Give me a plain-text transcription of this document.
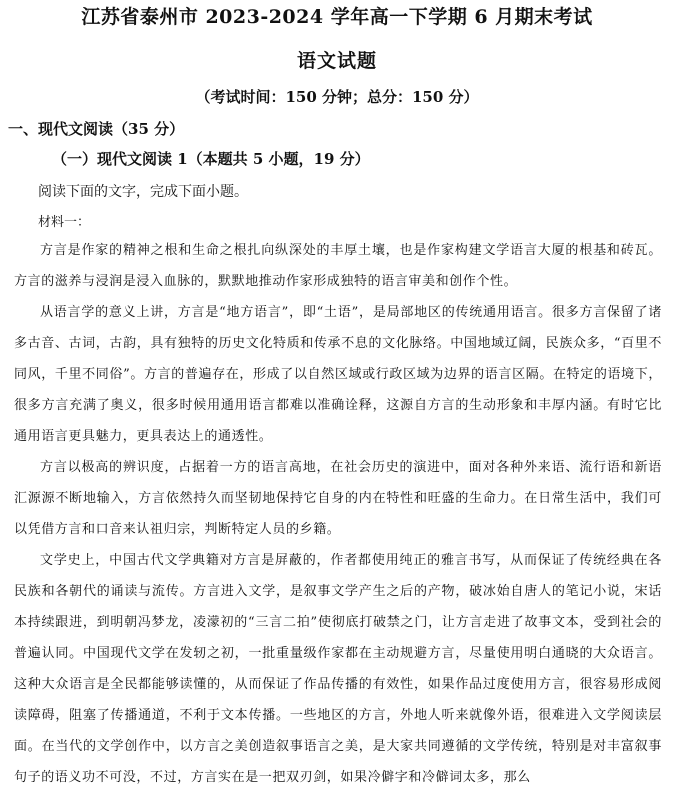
江苏省泰州市 2023-2024 学年高一下学期 6 月期末考试
语文试题
（考试时间：150 分钟；总分：150 分）
一、现代文阅读（35 分）
（一）现代文阅读 1（本题共 5 小题，19 分）
阅读下面的文字，完成下面小题。
材料一：

方言是作家的精神之根和生命之根扎向纵深处的丰厚土壤，也是作家构建文学语言大厦的根基和砖瓦。方言的滋养与浸润是浸入血脉的，默默地推动作家形成独特的语言审美和创作个性。

从语言学的意义上讲，方言是“地方语言”，即“土语”，是局部地区的传统通用语言。很多方言保留了诸多古音、古词，古韵，具有独特的历史文化特质和传承不息的文化脉络。中国地域辽阔，民族众多，“百里不同风，千里不同俗”。方言的普遍存在，形成了以自然区域或行政区域为边界的语言区隔。在特定的语境下，很多方言充满了奥义，很多时候用通用语言都难以准确诠释，这源自方言的生动形象和丰厚内涵。有时它比通用语言更具魅力，更具表达上的通透性。

方言以极高的辨识度，占据着一方的语言高地，在社会历史的演进中，面对各种外来语、流行语和新语汇源源不断地输入，方言依然持久而坚韧地保持它自身的内在特性和旺盛的生命力。在日常生活中，我们可以凭借方言和口音来认祖归宗，判断特定人员的乡籍。

文学史上，中国古代文学典籍对方言是屏蔽的，作者都使用纯正的雅言书写，从而保证了传统经典在各民族和各朝代的诵读与流传。方言进入文学，是叙事文学产生之后的产物，破冰始自唐人的笔记小说，宋话本持续跟进，到明朝冯梦龙，凌濛初的“三言二拍”使彻底打破禁之门，让方言走进了故事文本，受到社会的普遍认同。中国现代文学在发轫之初，一批重量级作家都在主动规避方言，尽量使用明白通晓的大众语言。这种大众语言是全民都能够读懂的，从而保证了作品传播的有效性，如果作品过度使用方言，很容易形成阅读障碍，阻塞了传播通道，不利于文本传播。一些地区的方言，外地人听来就像外语，很难进入文学阅读层面。在当代的文学创作中，以方言之美创造叙事语言之美，是大家共同遵循的文学传统，特别是对丰富叙事句子的语义功不可没，不过，方言实在是一把双刃剑，如果冷僻字和冷僻词太多，那么
